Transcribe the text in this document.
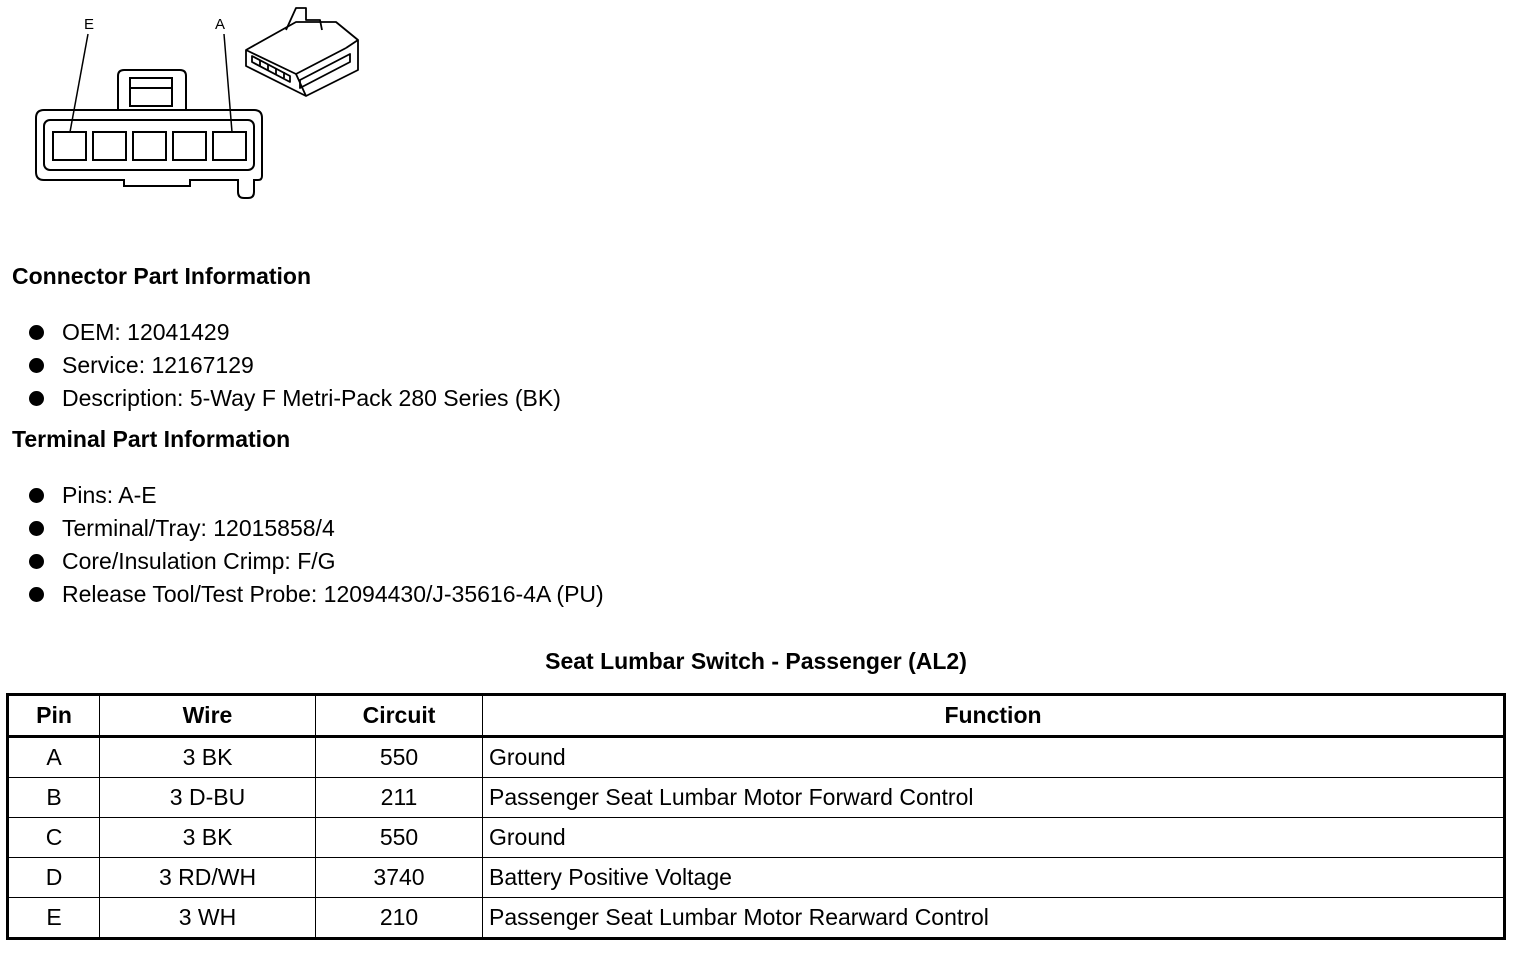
E	A
Connector Part Information
OEM: 12041429
Service: 12167129
Description: 5-Way F Metri-Pack 280 Series (BK)
Terminal Part Information
Pins: A-E
Terminal/Tray: 12015858/4
Core/Insulation Crimp: F/G
Release Tool/Test Probe: 12094430/J-35616-4A (PU)
Seat Lumbar Switch - Passenger (AL2)
Pin	Wire	Circuit	Function
A	3 BK	550	Ground
B	3 D-BU	211	Passenger Seat Lumbar Motor Forward Control
C	3 BK	550	Ground
D	3 RD/WH	3740	Battery Positive Voltage
E	3 WH	210	Passenger Seat Lumbar Motor Rearward Control
